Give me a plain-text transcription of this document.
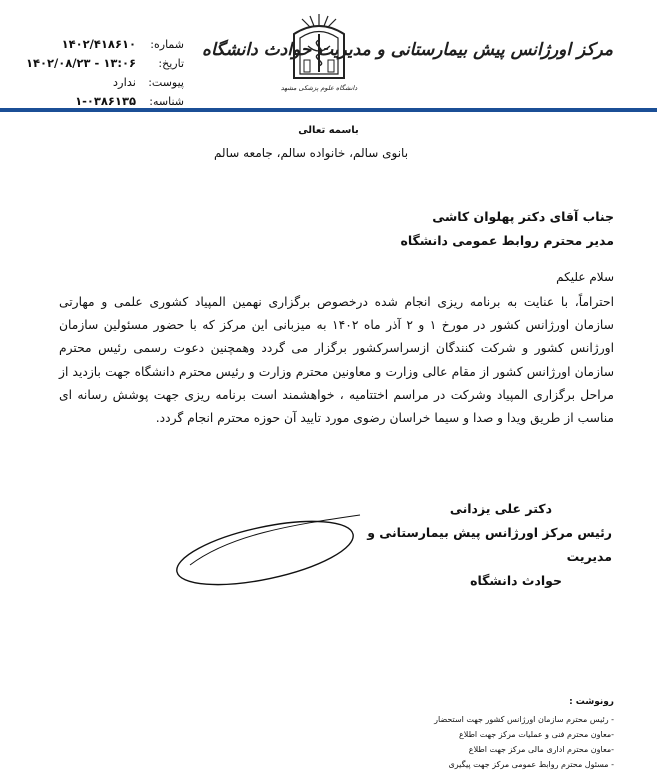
مرکز اورژانس پیش بیمارستانی و مدیریت حوادث دانشگاه
دانشگاه علوم پزشکی مشهد
شماره:
۱۴۰۲/۴۱۸۶۱۰
تاریخ:
۱۴۰۲/۰۸/۲۳ - ۱۳:۰۶
پیوست:
ندارد
شناسه:
۱-۰۳۸۶۱۳۵
باسمه تعالی
بانوی سالم، خانواده سالم، جامعه سالم
جناب آقای دکتر پهلوان کاشی
مدیر محترم روابط عمومی دانشگاه
سلام علیکم
احتراماً، با عنایت به برنامه ریزی انجام شده درخصوص برگزاری نهمین المپیاد کشوری علمی و مهارتی سازمان اورژانس کشور در مورخ ۱ و ۲ آذر ماه ۱۴۰۲ به میزبانی این مرکز که با حضور مسئولین سازمان اورژانس کشور و شرکت کنندگان ازسراسرکشور برگزار می گردد وهمچنین دعوت رسمی رئیس محترم سازمان اورژانس کشور از مقام عالی وزارت و معاونین محترم وزارت و رئیس محترم دانشگاه جهت بازدید از مراحل برگزاری المپیاد وشرکت در مراسم اختتامیه ، خواهشمند است برنامه ریزی جهت پوشش رسانه ای مناسب از طریق ویدا و صدا و سیما خراسان رضوی مورد تایید آن حوزه محترم انجام گردد.
دکتر علی یزدانی
رئیس مرکز اورژانس پیش بیمارستانی و مدیریت
حوادث دانشگاه
رونوشت :
- رئیس محترم سازمان اورژانس کشور جهت استحضار
-معاون محترم فنی و عملیات مرکز جهت اطلاع
-معاون محترم اداری مالی مرکز جهت اطلاع
- مسئول محترم روابط عمومی مرکز جهت پیگیری
